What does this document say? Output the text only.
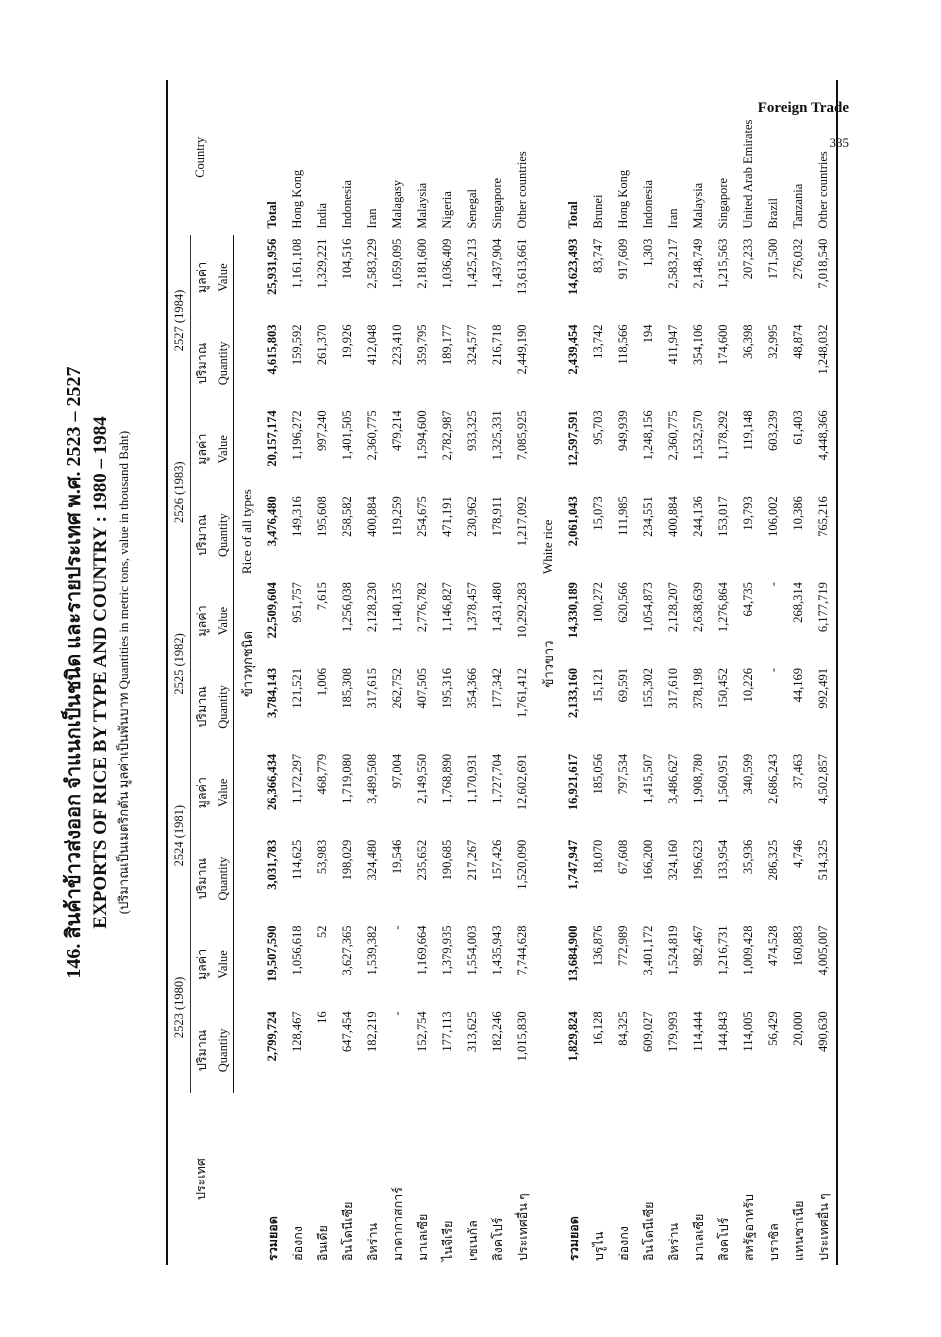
Foreign Trade
335
146. สินค้าข้าวส่งออก จำแนกเป็นชนิด และรายประเทศ พ.ศ. 2523 – 2527 EXPORTS OF RICE BY TYPE AND COUNTRY : 1980 – 1984 (ปริมาณเป็นเมตริกตัน มูลค่าเป็นพันบาท Quantities in metric tons, value in thousand Baht)
ประเทศ	2523 (1980)		2524 (1981)		2525 (1982)		2526 (1983)		2527 (1984)		Country
	ปริมาณ	มูลค่า	ปริมาณ	มูลค่า	ปริมาณ	มูลค่า	ปริมาณ	มูลค่า	ปริมาณ	มูลค่า	
	Quantity	Value	Quantity	Value	Quantity	Value	Quantity	Value	Quantity	Value	
					ข้าวทุกชนิด		Rice of all types				
รวมยอด	2,799,724	19,507,590	3,031,783	26,366,434	3,784,143	22,509,604	3,476,480	20,157,174	4,615,803	25,931,956	Total
ฮ่องกง	128,467	1,056,618	114,625	1,172,297	121,521	951,757	149,316	1,196,272	159,592	1,161,108	Hong Kong
อินเดีย	16	52	53,983	468,779	1,006	7,615	195,608	997,240	261,370	1,329,221	India
อินโดนีเซีย	647,454	3,627,365	198,029	1,719,080	185,308	1,256,038	258,582	1,401,505	19,926	104,516	Indonesia
อิหร่าน	182,219	1,539,382	324,480	3,489,508	317,615	2,128,230	400,884	2,360,775	412,048	2,583,229	Iran
มาดากาสการ์	-	-	19,546	97,004	262,752	1,140,135	119,259	479,214	223,410	1,059,095	Malagasy
มาเลเซีย	152,754	1,169,664	235,652	2,149,550	407,505	2,776,782	254,675	1,594,600	359,795	2,181,600	Malaysia
ไนจีเรีย	177,113	1,379,935	190,685	1,768,890	195,316	1,146,827	471,191	2,782,987	189,177	1,036,409	Nigeria
เซเนกัล	313,625	1,554,003	217,267	1,170,931	354,366	1,378,457	230,962	933,325	324,577	1,425,213	Senegal
สิงคโปร์	182,246	1,435,943	157,426	1,727,704	177,342	1,431,480	178,911	1,325,331	216,718	1,437,904	Singapore
ประเทศอื่น ๆ	1,015,830	7,744,628	1,520,090	12,602,691	1,761,412	10,292,283	1,217,092	7,085,925	2,449,190	13,613,661	Other countries
					ข้าวขาว		White rice				
รวมยอด	1,829,824	13,684,900	1,747,947	16,921,617	2,133,160	14,330,189	2,061,043	12,597,591	2,439,454	14,623,493	Total
บรูไน	16,128	136,876	18,070	185,056	15,121	100,272	15,073	95,703	13,742	83,747	Brunei
ฮ่องกง	84,325	772,989	67,608	797,534	69,591	620,566	111,985	949,939	118,566	917,609	Hong Kong
อินโดนีเซีย	609,027	3,401,172	166,200	1,415,507	155,302	1,054,873	234,551	1,248,156	194	1,303	Indonesia
อิหร่าน	179,993	1,524,819	324,160	3,486,627	317,610	2,128,207	400,884	2,360,775	411,947	2,583,217	Iran
มาเลเซีย	114,444	982,467	196,623	1,908,780	378,198	2,638,639	244,136	1,532,570	354,106	2,148,749	Malaysia
สิงคโปร์	144,843	1,216,731	133,954	1,560,951	150,452	1,276,864	153,017	1,178,292	174,600	1,215,563	Singapore
สหรัฐอาหรับ	114,005	1,009,428	35,936	340,599	10,226	64,735	19,793	119,148	36,398	207,233	United Arab Emirates
บราซิล	56,429	474,528	286,325	2,686,243	-	-	106,002	603,239	32,995	171,500	Brazil
แทนซาเนีย	20,000	160,883	4,746	37,463	44,169	268,314	10,386	61,403	48,874	276,032	Tanzania
ประเทศอื่น ๆ	490,630	4,005,007	514,325	4,502,857	992,491	6,177,719	765,216	4,448,366	1,248,032	7,018,540	Other countries
